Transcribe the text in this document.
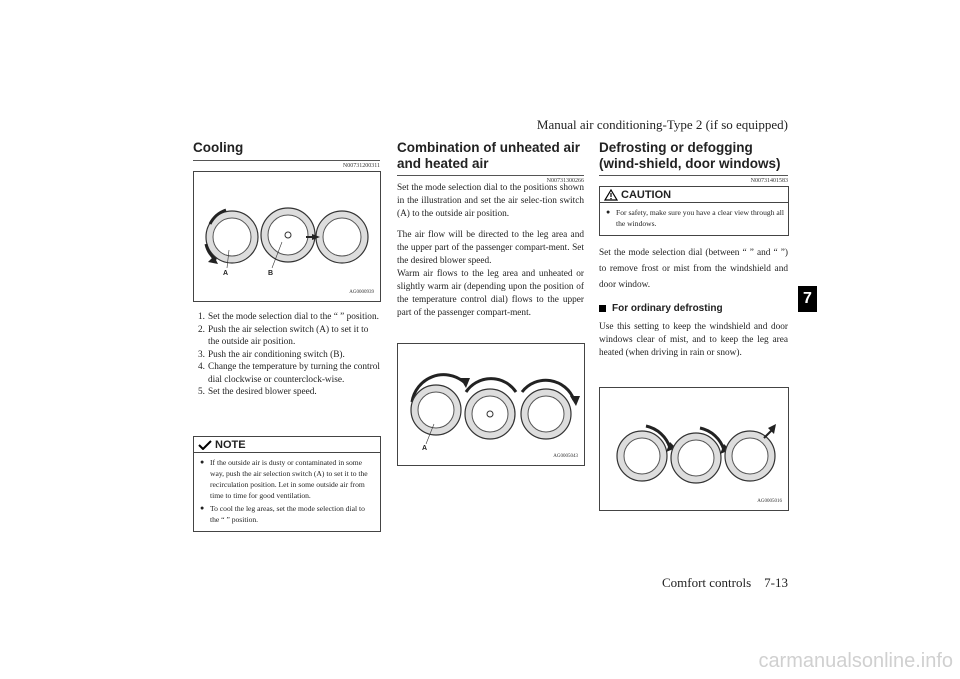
Manual air conditioning-Type 2 (if so equipped)
7
Cooling
N00731200311
A	B
AG0000939
1. Set the mode selection dial to the “ ” position.
2. Push the air selection switch (A) to set it to the outside air position.
3. Push the air conditioning switch (B).
4. Change the temperature by turning the control dial clockwise or counterclock-wise.
5. Set the desired blower speed.
NOTE
● If the outside air is dusty or contaminated in some way, push the air selection switch (A) to set it to the recirculation position. Let in some outside air from time to time for good ventilation.
● To cool the leg areas, set the mode selection dial to the “ ” position.
Combination of unheated air and heated air
N00731300266
Set the mode selection dial to the positions shown in the illustration and set the air selec-tion switch (A) to the outside air position.
The air flow will be directed to the leg area and the upper part of the passenger compart-ment. Set the desired blower speed.
Warm air flows to the leg area and unheated or slightly warm air (depending upon the position of the temperature control dial) flows to the upper part of the passenger compart-ment.
A
AG0005043
Defrosting or defogging (wind-shield, door windows)
N00731401583
CAUTION
● For safety, make sure you have a clear view through all the windows.
Set the mode selection dial (between “ ” and “ ”) to remove frost or mist from the windshield and door window.
For ordinary defrosting
Use this setting to keep the windshield and door windows clear of mist, and to keep the leg area heated (when driving in rain or snow).
AG0005016
Comfort controls 7-13
carmanualsonline.info
